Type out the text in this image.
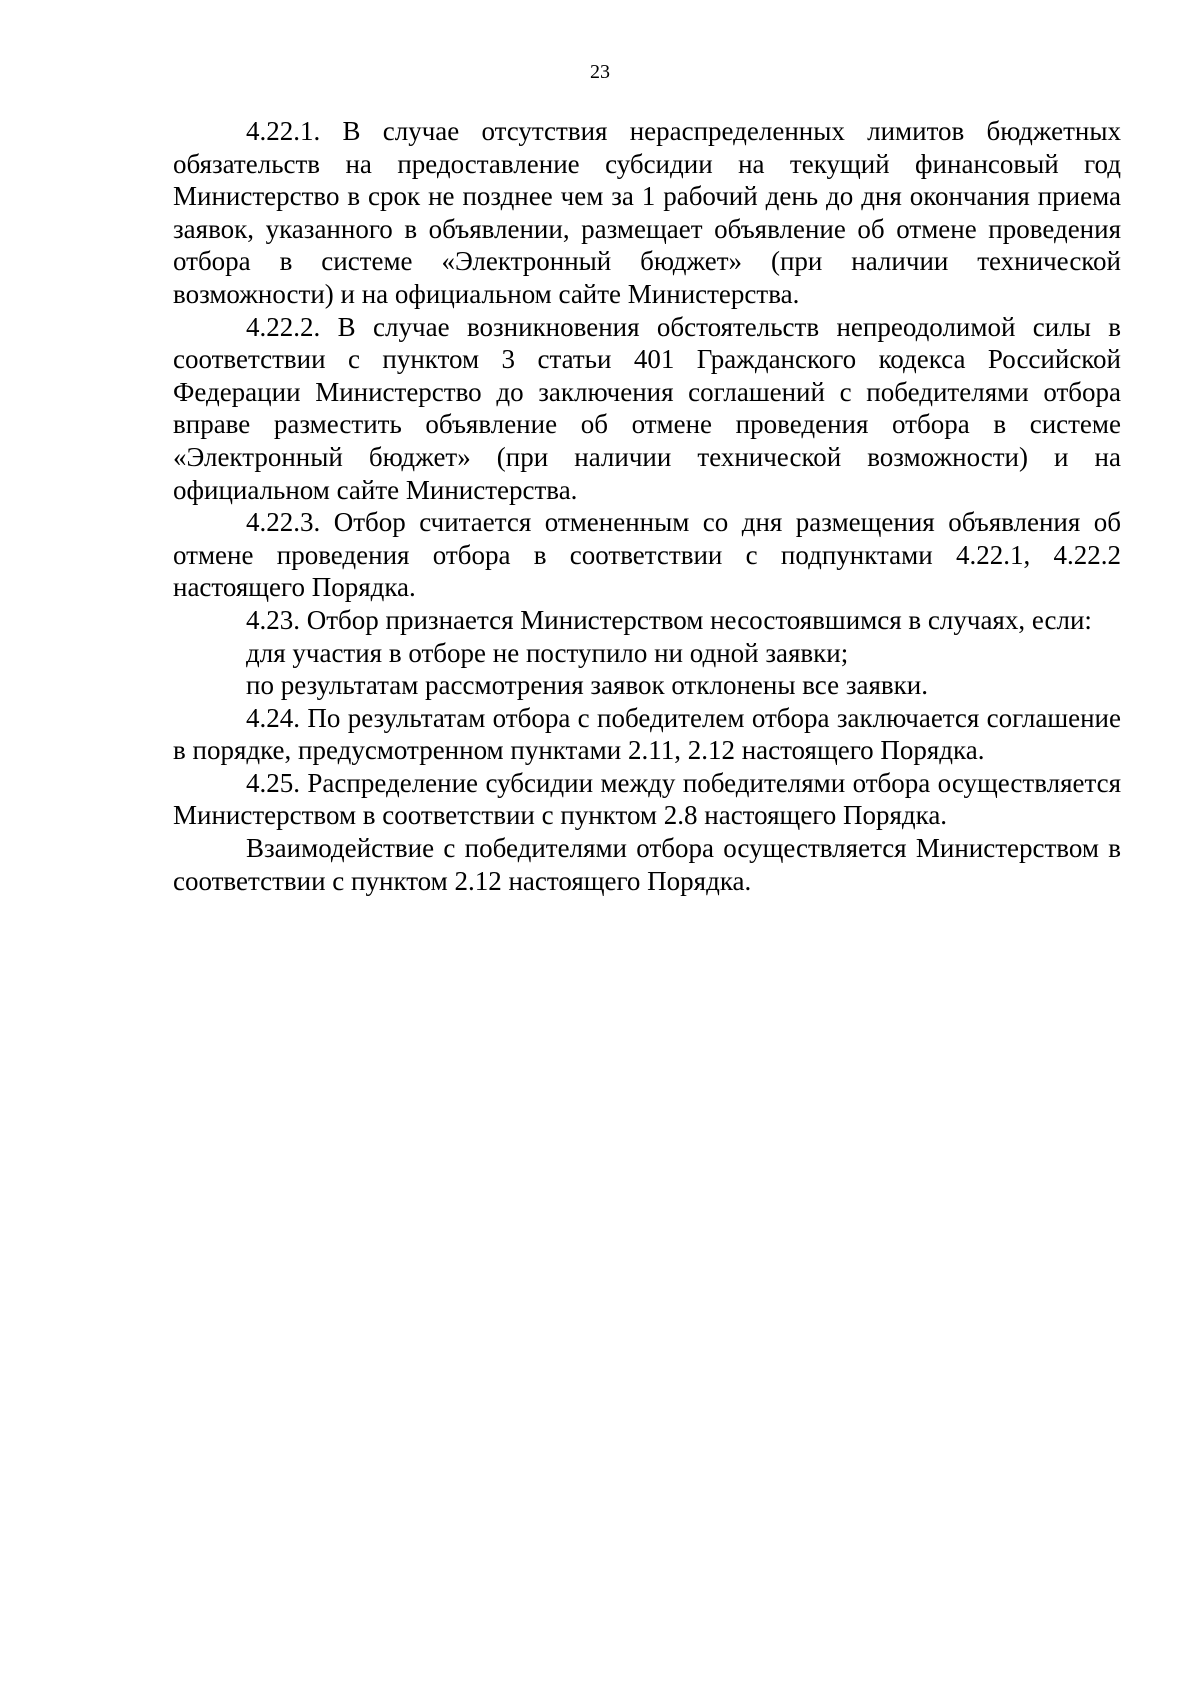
23

4.22.1. В случае отсутствия нераспределенных лимитов бюджетных обязательств на предоставление субсидии на текущий финансовый год Министерство в срок не позднее чем за 1 рабочий день до дня окончания приема заявок, указанного в объявлении, размещает объявление об отмене проведения отбора в системе «Электронный бюджет» (при наличии технической возможности) и на официальном сайте Министерства.

4.22.2. В случае возникновения обстоятельств непреодолимой силы в соответствии с пунктом 3 статьи 401 Гражданского кодекса Российской Федерации Министерство до заключения соглашений с победителями отбора вправе разместить объявление об отмене проведения отбора в системе «Электронный бюджет» (при наличии технической возможности) и на официальном сайте Министерства.

4.22.3. Отбор считается отмененным со дня размещения объявления об отмене проведения отбора в соответствии с подпунктами 4.22.1, 4.22.2 настоящего Порядка.

4.23. Отбор признается Министерством несостоявшимся в случаях, если:

для участия в отборе не поступило ни одной заявки;

по результатам рассмотрения заявок отклонены все заявки.

4.24. По результатам отбора с победителем отбора заключается соглашение в порядке, предусмотренном пунктами 2.11, 2.12 настоящего Порядка.

4.25. Распределение субсидии между победителями отбора осуществляется Министерством в соответствии с пунктом 2.8 настоящего Порядка.

Взаимодействие с победителями отбора осуществляется Министерством в соответствии с пунктом 2.12 настоящего Порядка.
